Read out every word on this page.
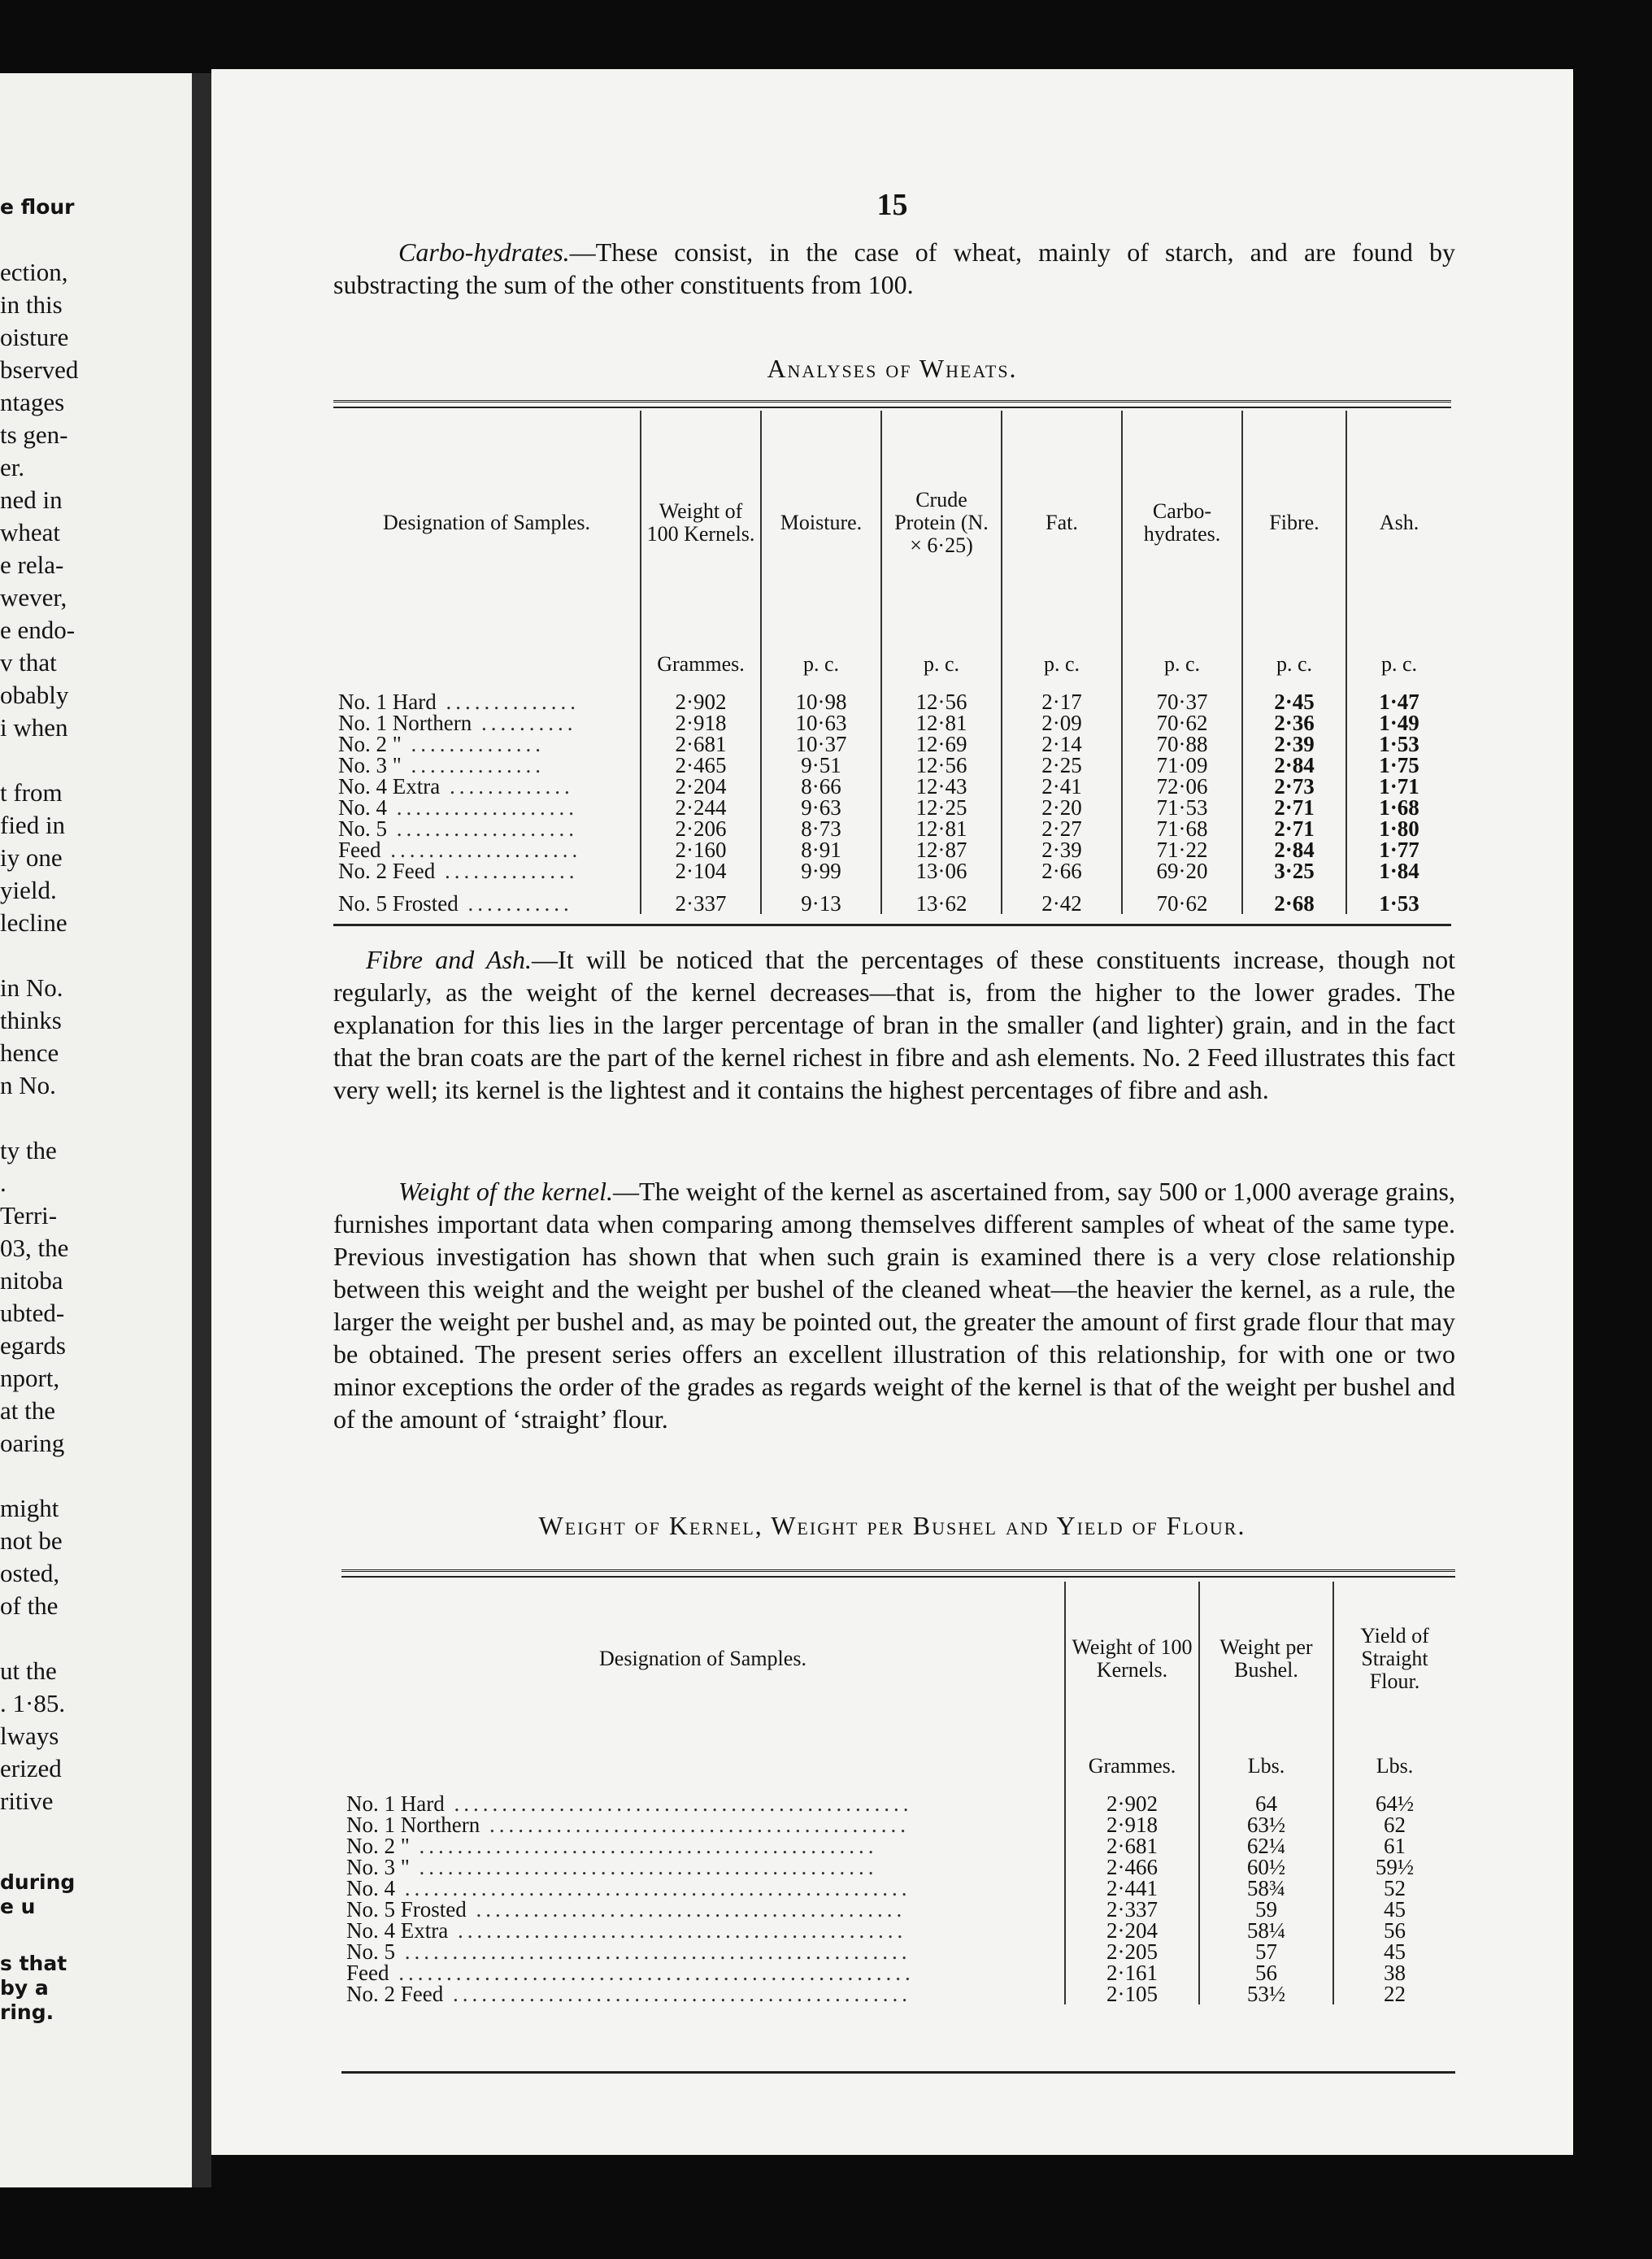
e flour
ection,
in this
oisture
bserved
ntages
ts gen-
er.
ned in
wheat
e rela-
wever,
e endo-
v that
obably
i when
t from
fied in
iy one
yield.
lecline
in No.
thinks
hence
n No.
ty the
.
Terri-
03, the
nitoba
ubted-
egards
nport,
at the
oaring
might
not be
osted,
of the
ut the
. 1·85.
lways
erized
ritive
during
e u
s that
by a
ring.
15

Carbo-hydrates.—These consist, in the case of wheat, mainly of starch, and are found by substracting the sum of the other constituents from 100.

Analyses of Wheats.
Designation of Samples.	Weight of 100 Kernels.	Moisture.	Crude Protein (N. × 6·25)	Fat.	Carbo-hydrates.	Fibre.	Ash.
	Grammes.	p. c.	p. c.	p. c.	p. c.	p. c.	p. c.
No. 1 Hard ..............	2·902	10·98	12·56	2·17	70·37	2·45	1·47
No. 1 Northern ..........	2·918	10·63	12·81	2·09	70·62	2·36	1·49
No. 2 " ..............	2·681	10·37	12·69	2·14	70·88	2·39	1·53
No. 3 " ..............	2·465	9·51	12·56	2·25	71·09	2·84	1·75
No. 4 Extra .............	2·204	8·66	12·43	2·41	72·06	2·73	1·71
No. 4 ...................	2·244	9·63	12·25	2·20	71·53	2·71	1·68
No. 5 ...................	2·206	8·73	12·81	2·27	71·68	2·71	1·80
Feed ....................	2·160	8·91	12·87	2·39	71·22	2·84	1·77
No. 2 Feed ..............	2·104	9·99	13·06	2·66	69·20	3·25	1·84

No. 5 Frosted ...........	2·337	9·13	13·62	2·42	70·62	2·68	1·53

Fibre and Ash.—It will be noticed that the percentages of these constituents increase, though not regularly, as the weight of the kernel decreases—that is, from the higher to the lower grades. The explanation for this lies in the larger percentage of bran in the smaller (and lighter) grain, and in the fact that the bran coats are the part of the kernel richest in fibre and ash elements. No. 2 Feed illustrates this fact very well; its kernel is the lightest and it contains the highest percentages of fibre and ash.

Weight of the kernel.—The weight of the kernel as ascertained from, say 500 or 1,000 average grains, furnishes important data when comparing among themselves different samples of wheat of the same type. Previous investigation has shown that when such grain is examined there is a very close relationship between this weight and the weight per bushel of the cleaned wheat—the heavier the kernel, as a rule, the larger the weight per bushel and, as may be pointed out, the greater the amount of first grade flour that may be obtained. The present series offers an excellent illustration of this relationship, for with one or two minor exceptions the order of the grades as regards weight of the kernel is that of the weight per bushel and of the amount of ‘straight’ flour.

Weight of Kernel, Weight per Bushel and Yield of Flour.
Designation of Samples.	Weight of 100 Kernels.	Weight per Bushel.	Yield of Straight Flour.
	Grammes.	Lbs.	Lbs.
No. 1 Hard ................................................	2·902	64	64½
No. 1 Northern ............................................	2·918	63½	62
No. 2 " ................................................	2·681	62¼	61
No. 3 " ................................................	2·466	60½	59½
No. 4 .....................................................	2·441	58¾	52
No. 5 Frosted .............................................	2·337	59	45
No. 4 Extra ...............................................	2·204	58¼	56
No. 5 .....................................................	2·205	57	45
Feed ......................................................	2·161	56	38
No. 2 Feed ................................................	2·105	53½	22
